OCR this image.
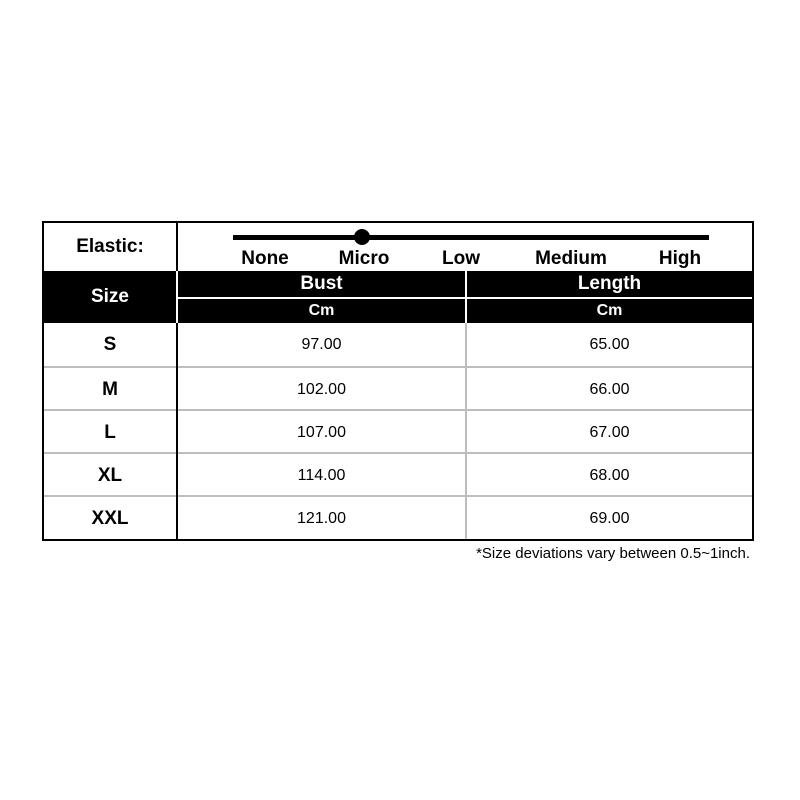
Elastic:
None	Micro	Low	Medium	High
Size
Bust	Length
Cm	Cm
S	97.00	65.00
M	102.00	66.00
L	107.00	67.00
XL	114.00	68.00
XXL	121.00	69.00
*Size deviations vary between 0.5~1inch.
